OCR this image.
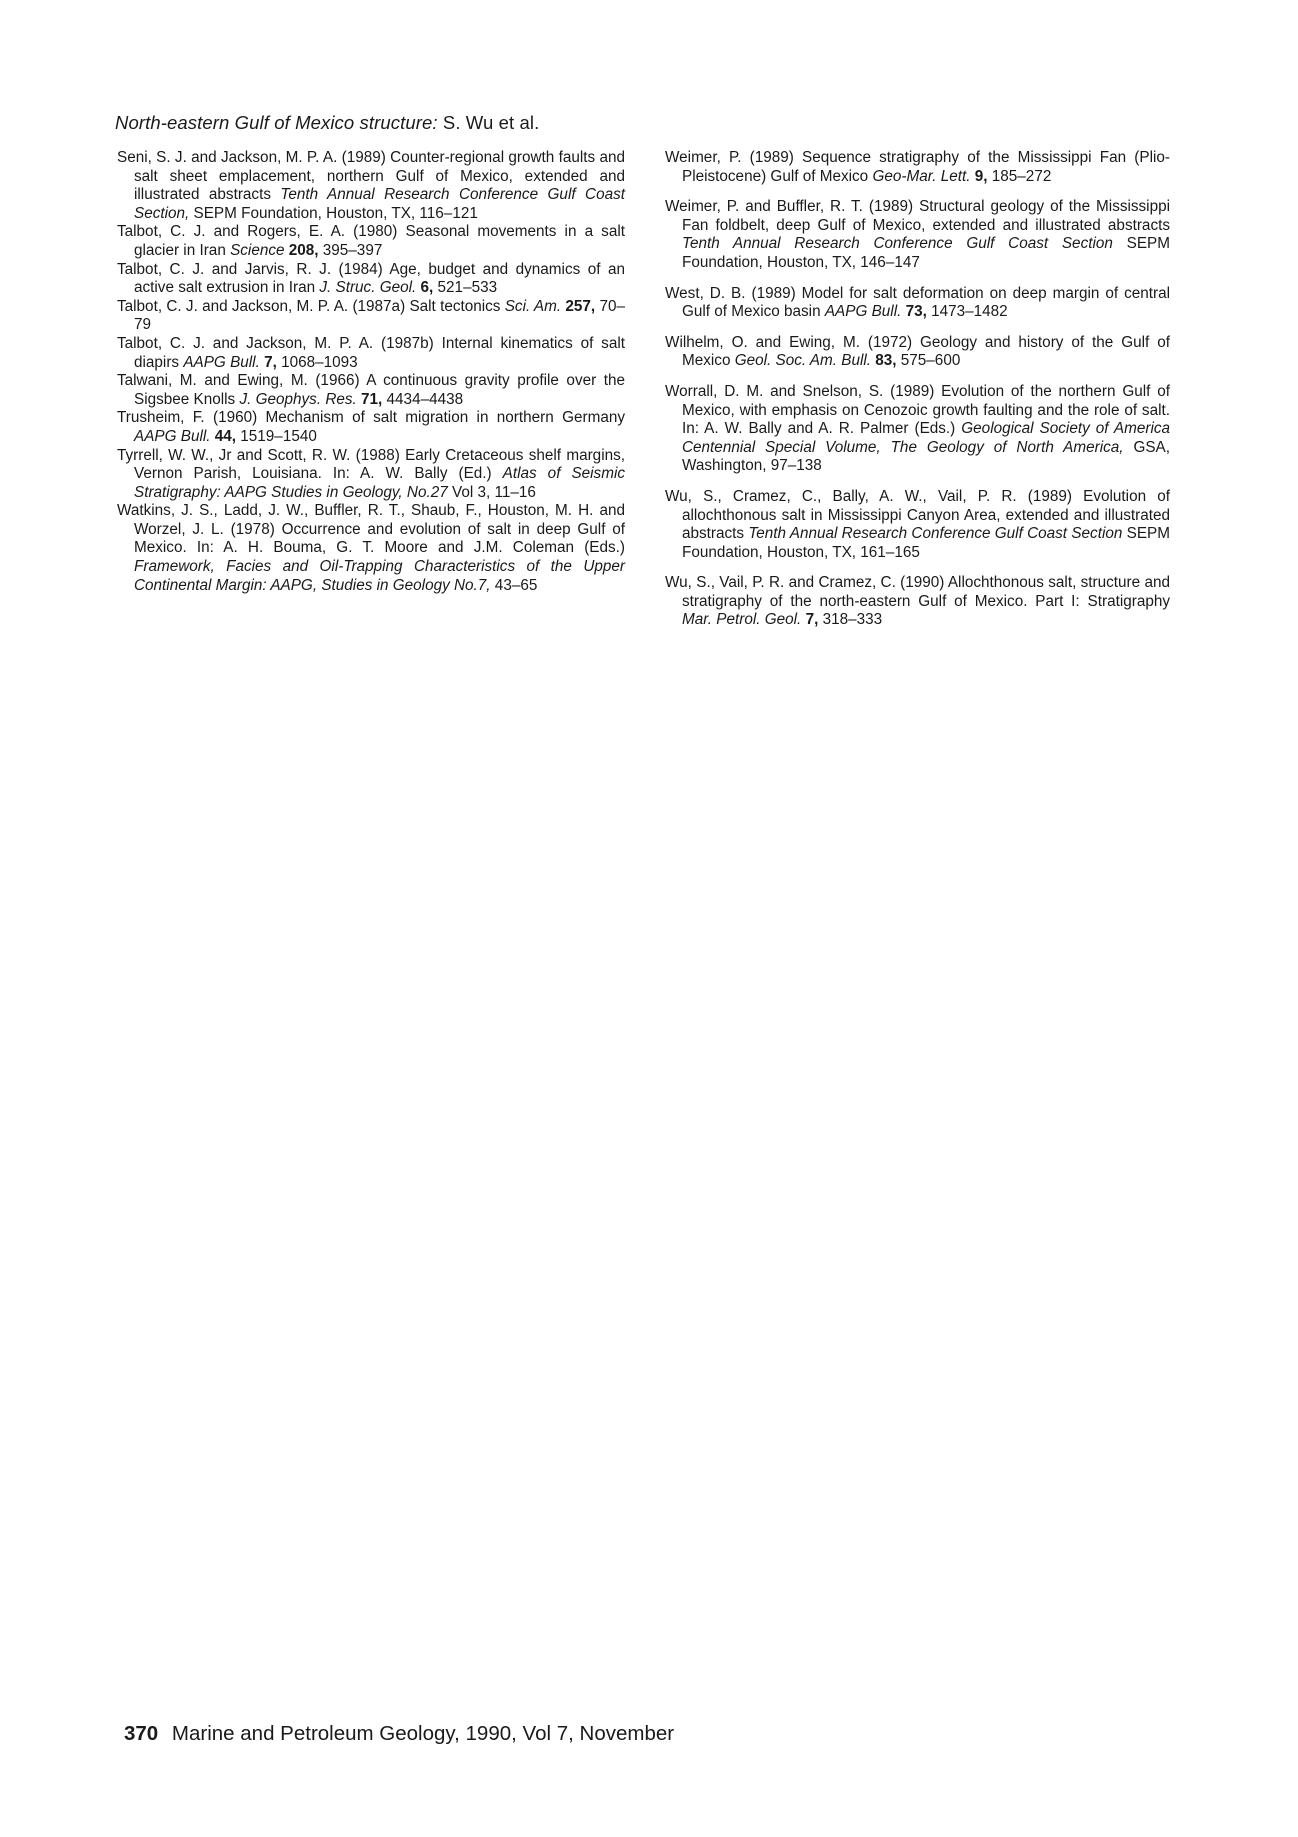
North-eastern Gulf of Mexico structure: S. Wu et al.

Seni, S. J. and Jackson, M. P. A. (1989) Counter-regional growth faults and salt sheet emplacement, northern Gulf of Mexico, extended and illustrated abstracts Tenth Annual Research Conference Gulf Coast Section, SEPM Foundation, Houston, TX, 116–121

Talbot, C. J. and Rogers, E. A. (1980) Seasonal movements in a salt glacier in Iran Science 208, 395–397

Talbot, C. J. and Jarvis, R. J. (1984) Age, budget and dynamics of an active salt extrusion in Iran J. Struc. Geol. 6, 521–533

Talbot, C. J. and Jackson, M. P. A. (1987a) Salt tectonics Sci. Am. 257, 70–79

Talbot, C. J. and Jackson, M. P. A. (1987b) Internal kinematics of salt diapirs AAPG Bull. 7, 1068–1093

Talwani, M. and Ewing, M. (1966) A continuous gravity profile over the Sigsbee Knolls J. Geophys. Res. 71, 4434–4438

Trusheim, F. (1960) Mechanism of salt migration in northern Germany AAPG Bull. 44, 1519–1540

Tyrrell, W. W., Jr and Scott, R. W. (1988) Early Cretaceous shelf margins, Vernon Parish, Louisiana. In: A. W. Bally (Ed.) Atlas of Seismic Stratigraphy: AAPG Studies in Geology, No.27 Vol 3, 11–16

Watkins, J. S., Ladd, J. W., Buffler, R. T., Shaub, F., Houston, M. H. and Worzel, J. L. (1978) Occurrence and evolution of salt in deep Gulf of Mexico. In: A. H. Bouma, G. T. Moore and J.M. Coleman (Eds.) Framework, Facies and Oil-Trapping Characteristics of the Upper Continental Margin: AAPG, Studies in Geology No.7, 43–65

Weimer, P. (1989) Sequence stratigraphy of the Mississippi Fan (Plio-Pleistocene) Gulf of Mexico Geo-Mar. Lett. 9, 185–272

Weimer, P. and Buffler, R. T. (1989) Structural geology of the Mississippi Fan foldbelt, deep Gulf of Mexico, extended and illustrated abstracts Tenth Annual Research Conference Gulf Coast Section SEPM Foundation, Houston, TX, 146–147

West, D. B. (1989) Model for salt deformation on deep margin of central Gulf of Mexico basin AAPG Bull. 73, 1473–1482

Wilhelm, O. and Ewing, M. (1972) Geology and history of the Gulf of Mexico Geol. Soc. Am. Bull. 83, 575–600

Worrall, D. M. and Snelson, S. (1989) Evolution of the northern Gulf of Mexico, with emphasis on Cenozoic growth faulting and the role of salt. In: A. W. Bally and A. R. Palmer (Eds.) Geological Society of America Centennial Special Volume, The Geology of North America, GSA, Washington, 97–138

Wu, S., Cramez, C., Bally, A. W., Vail, P. R. (1989) Evolution of allochthonous salt in Mississippi Canyon Area, extended and illustrated abstracts Tenth Annual Research Conference Gulf Coast Section SEPM Foundation, Houston, TX, 161–165

Wu, S., Vail, P. R. and Cramez, C. (1990) Allochthonous salt, structure and stratigraphy of the north-eastern Gulf of Mexico. Part I: Stratigraphy Mar. Petrol. Geol. 7, 318–333

370 Marine and Petroleum Geology, 1990, Vol 7, November
